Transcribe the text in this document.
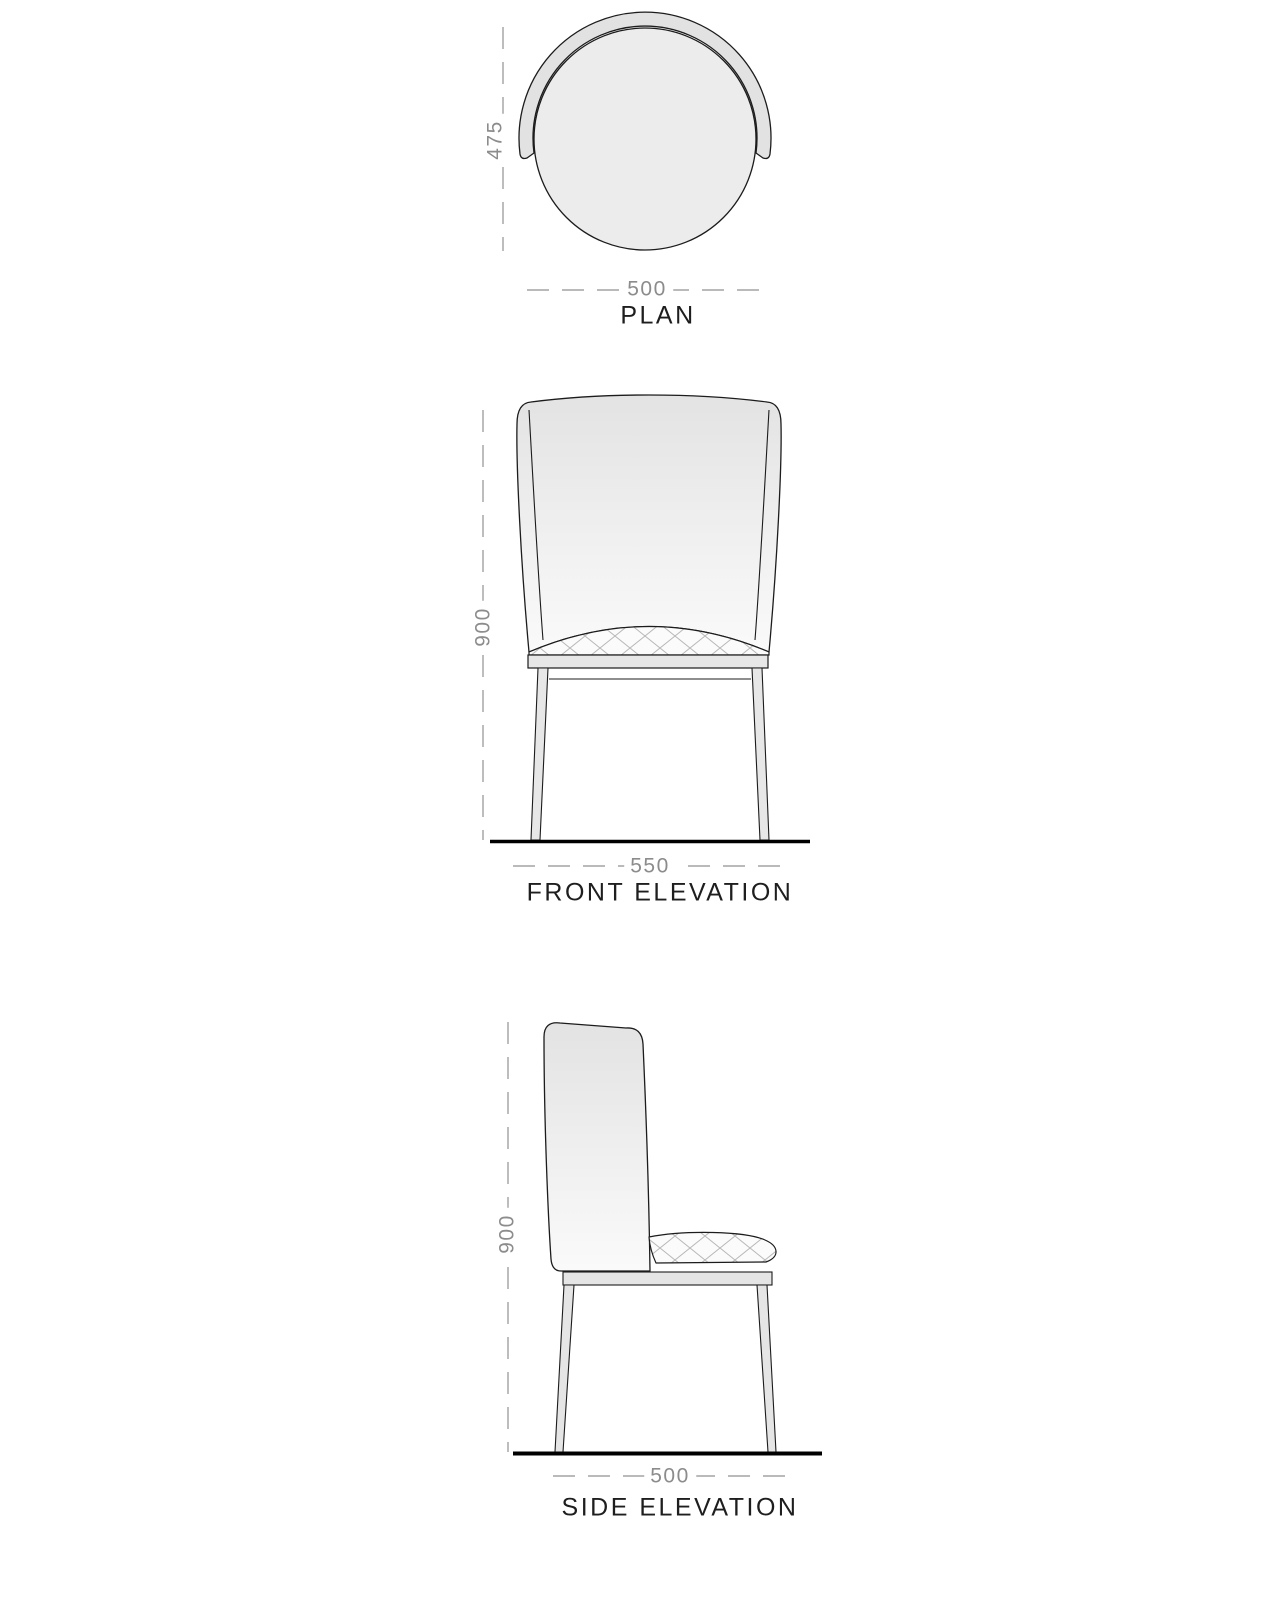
475
500
PLAN
900
550
FRONT ELEVATION
900
500
SIDE ELEVATION
